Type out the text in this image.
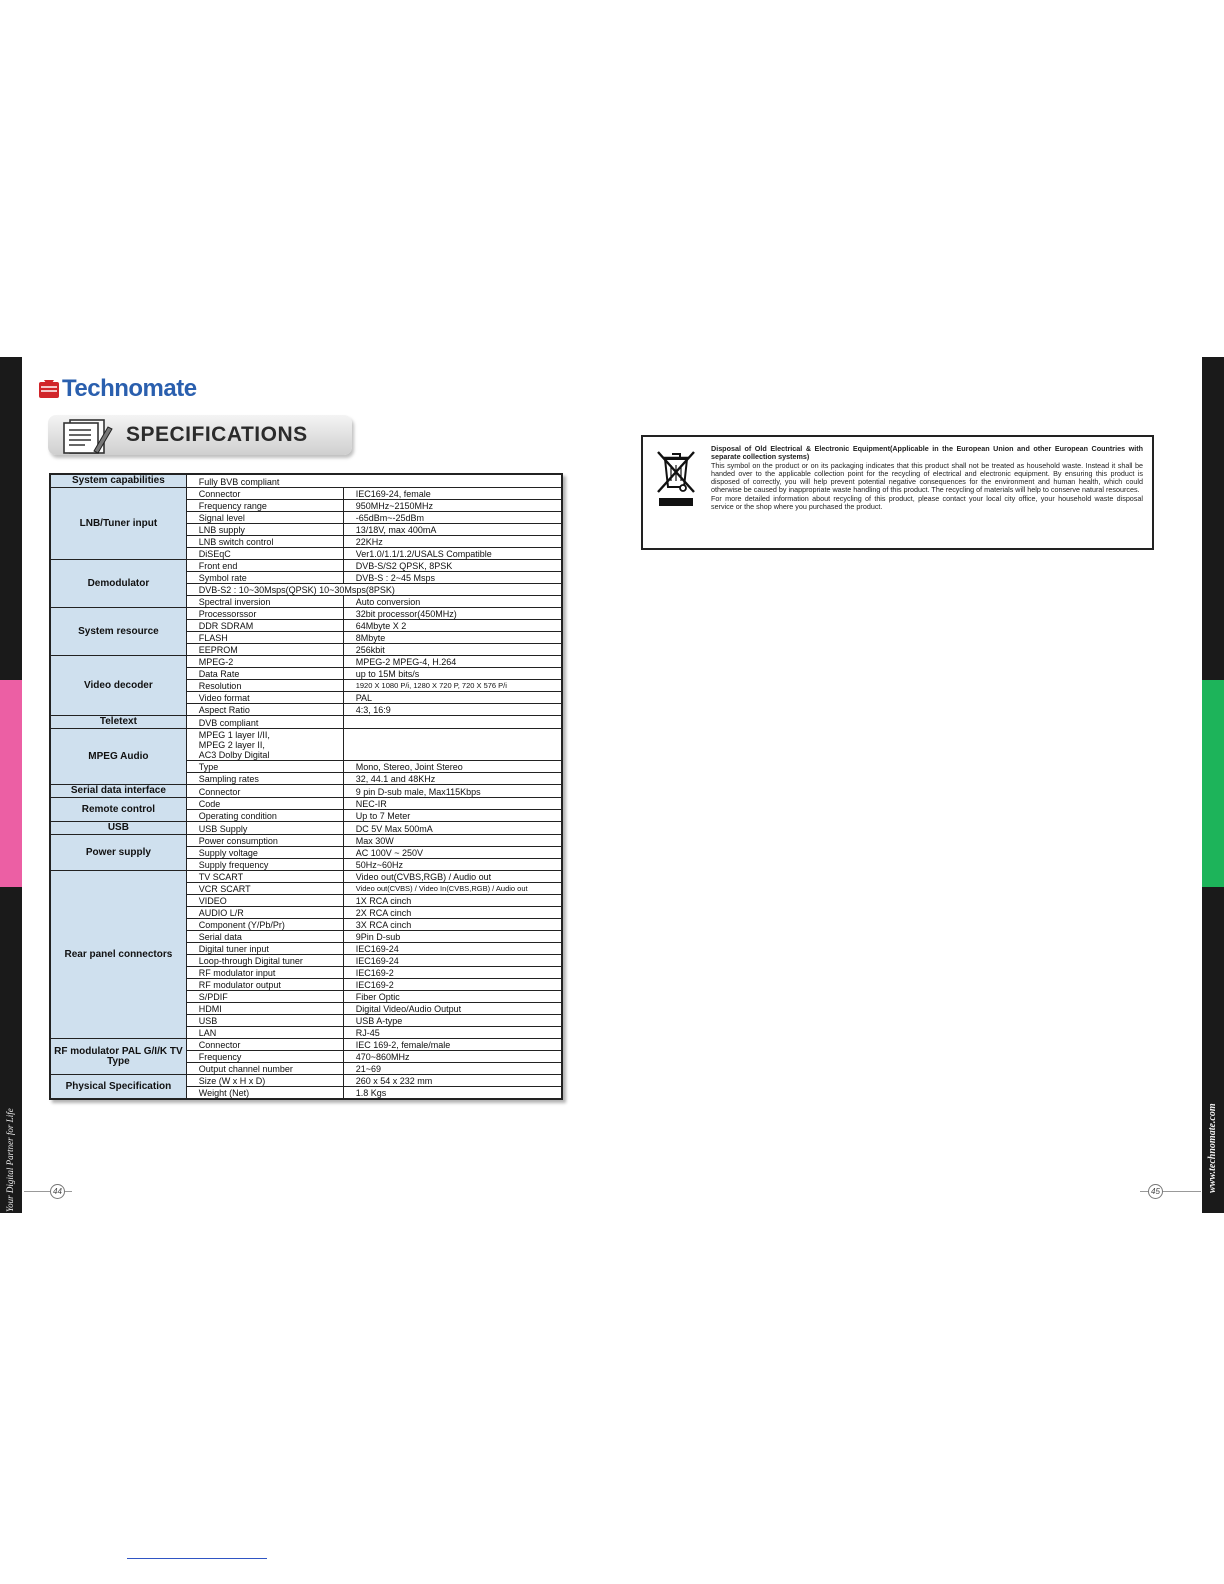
Your Digital Partner for Life	www.technomate.com
Technomate
SPECIFICATIONS
System capabilities	Fully BVB compliant	
LNB/Tuner input	Connector	IEC169-24, female
	Frequency range	950MHz~2150MHz
	Signal level	-65dBm~-25dBm
	LNB supply	13/18V, max 400mA
	LNB switch control	22KHz
	DiSEqC	Ver1.0/1.1/1.2/USALS Compatible
Demodulator	Front end	DVB-S/S2 QPSK, 8PSK
	Symbol rate	DVB-S : 2~45 Msps
	DVB-S2 : 10~30Msps(QPSK) 10~30Msps(8PSK)	
	Spectral inversion	Auto conversion
System resource	Processorssor	32bit processor(450MHz)
	DDR SDRAM	64Mbyte X 2
	FLASH	8Mbyte
	EEPROM	256kbit
Video decoder	MPEG-2	MPEG-2 MPEG-4, H.264
	Data Rate	up to 15M bits/s
	Resolution	1920 X 1080 P/i, 1280 X 720 P, 720 X 576 P/i
	Video format	PAL
	Aspect Ratio	4:3, 16:9
Teletext	DVB compliant	
MPEG Audio	MPEG 1 layer I/II,
MPEG 2 layer II,
AC3 Dolby Digital	
	Type	Mono, Stereo, Joint Stereo
	Sampling rates	32, 44.1 and 48KHz
Serial data interface	Connector	9 pin D-sub male, Max115Kbps
Remote control	Code	NEC-IR
	Operating condition	Up to 7 Meter
USB	USB Supply	DC 5V Max 500mA
Power supply	Power consumption	Max 30W
	Supply voltage	AC 100V ~ 250V
	Supply frequency	50Hz~60Hz
Rear panel connectors	TV SCART	Video out(CVBS,RGB) / Audio out
	VCR SCART	Video out(CVBS) / Video In(CVBS,RGB) / Audio out
	VIDEO	1X RCA cinch
	AUDIO L/R	2X RCA cinch
	Component (Y/Pb/Pr)	3X RCA cinch
	Serial data	9Pin D-sub
	Digital tuner input	IEC169-24
	Loop-through Digital tuner	IEC169-24
	RF modulator input	IEC169-2
	RF modulator output	IEC169-2
	S/PDIF	Fiber Optic
	HDMI	Digital Video/Audio Output
	USB	USB A-type
	LAN	RJ-45
RF modulator PAL G/I/K TV Type	Connector	IEC 169-2, female/male
	Frequency	470~860MHz
	Output channel number	21~69
Physical Specification	Size (W x H x D)	260 x 54 x 232 mm
	Weight (Net)	1.8 Kgs
Disposal of Old Electrical & Electronic Equipment(Applicable in the European Union and other European Countries with separate collection systems)
This symbol on the product or on its packaging indicates that this product shall not be treated as household waste. Instead it shall be handed over to the applicable collection point for the recycling of electrical and electronic equipment. By ensuring this product is disposed of correctly, you will help prevent potential negative consequences for the environment and human health, which could otherwise be caused by inappropriate waste handling of this product. The recycling of materials will help to conserve natural resources.
For more detailed information about recycling of this product, please contact your local city office, your household waste disposal service or the shop where you purchased the product.
44	45
